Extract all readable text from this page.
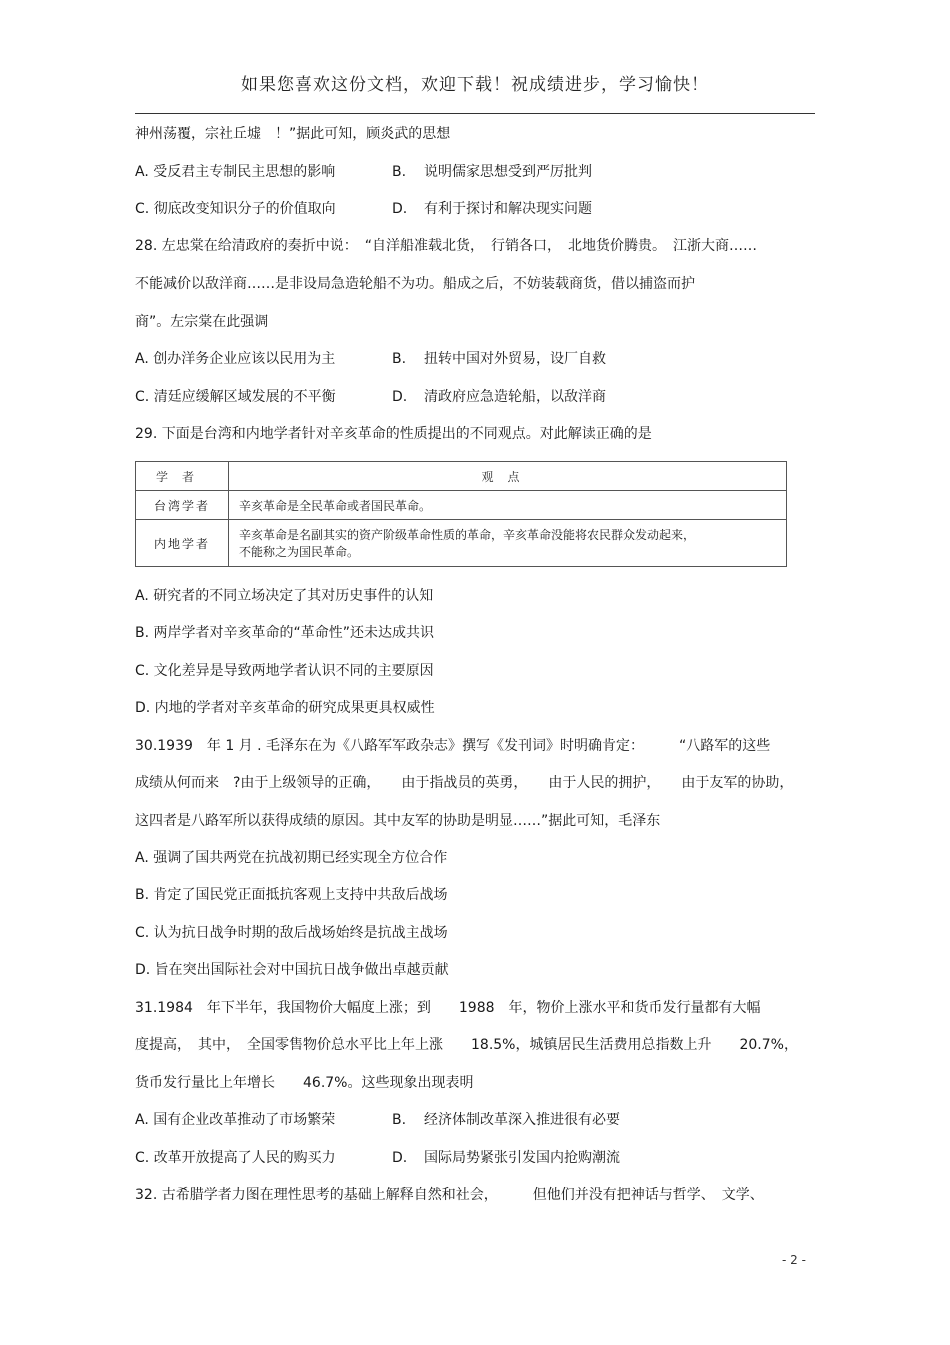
如果您喜欢这份文档，欢迎下载！祝成绩进步，学习愉快！
神州荡覆，宗社丘墟　！”据此可知，顾炎武的思想
A. 受反君主专制民主思想的影响	B. 说明儒家思想受到严厉批判
C. 彻底改变知识分子的价值取向	D. 有利于探讨和解决现实问题
28. 左忠棠在给清政府的奏折中说：　“自洋船准载北货，　行销各口，　北地货价腾贵。　江浙大商……
不能减价以敌洋商……是非设局急造轮船不为功。船成之后，不妨装载商货，借以捕盗而护
商”。左宗棠在此强调
A. 创办洋务企业应该以民用为主	B. 扭转中国对外贸易，设厂自救
C. 清廷应缓解区域发展的不平衡	D. 清政府应急造轮船，以敌洋商
29. 下面是台湾和内地学者针对辛亥革命的性质提出的不同观点。对此解读正确的是
学者	观点
台湾学者	辛亥革命是全民革命或者国民革命。
内地学者	辛亥革命是名副其实的资产阶级革命性质的革命，辛亥革命没能将农民群众发动起来，
不能称之为国民革命。
A. 研究者的不同立场决定了其对历史事件的认知
B. 两岸学者对辛亥革命的“革命性”还未达成共识
C. 文化差异是导致两地学者认识不同的主要原因
D. 内地的学者对辛亥革命的研究成果更具权威性
30.1939　年 1 月 . 毛泽东在为《八路军军政杂志》撰写《发刊词》时明确肯定：　　　“八路军的这些
成绩从何而来　?由于上级领导的正确，　　由于指战员的英勇，　　由于人民的拥护，　　由于友军的协助，
这四者是八路军所以获得成绩的原因。其中友军的协助是明显……”据此可知，毛泽东
A. 强调了国共两党在抗战初期已经实现全方位合作
B. 肯定了国民党正面抵抗客观上支持中共敌后战场
C. 认为抗日战争时期的敌后战场始终是抗战主战场
D. 旨在突出国际社会对中国抗日战争做出卓越贡献
31.1984　年下半年，我国物价大幅度上涨；到　　1988　年，物价上涨水平和货币发行量都有大幅
度提高，　其中，　全国零售物价总水平比上年上涨　　18.5%，城镇居民生活费用总指数上升　　20.7%，
货币发行量比上年增长　　46.7%。这些现象出现表明
A. 国有企业改革推动了市场繁荣	B. 经济体制改革深入推进很有必要
C. 改革开放提高了人民的购买力	D. 国际局势紧张引发国内抢购潮流
32. 古希腊学者力图在理性思考的基础上解释自然和社会，　　　但他们并没有把神话与哲学、　文学、
- 2 -
